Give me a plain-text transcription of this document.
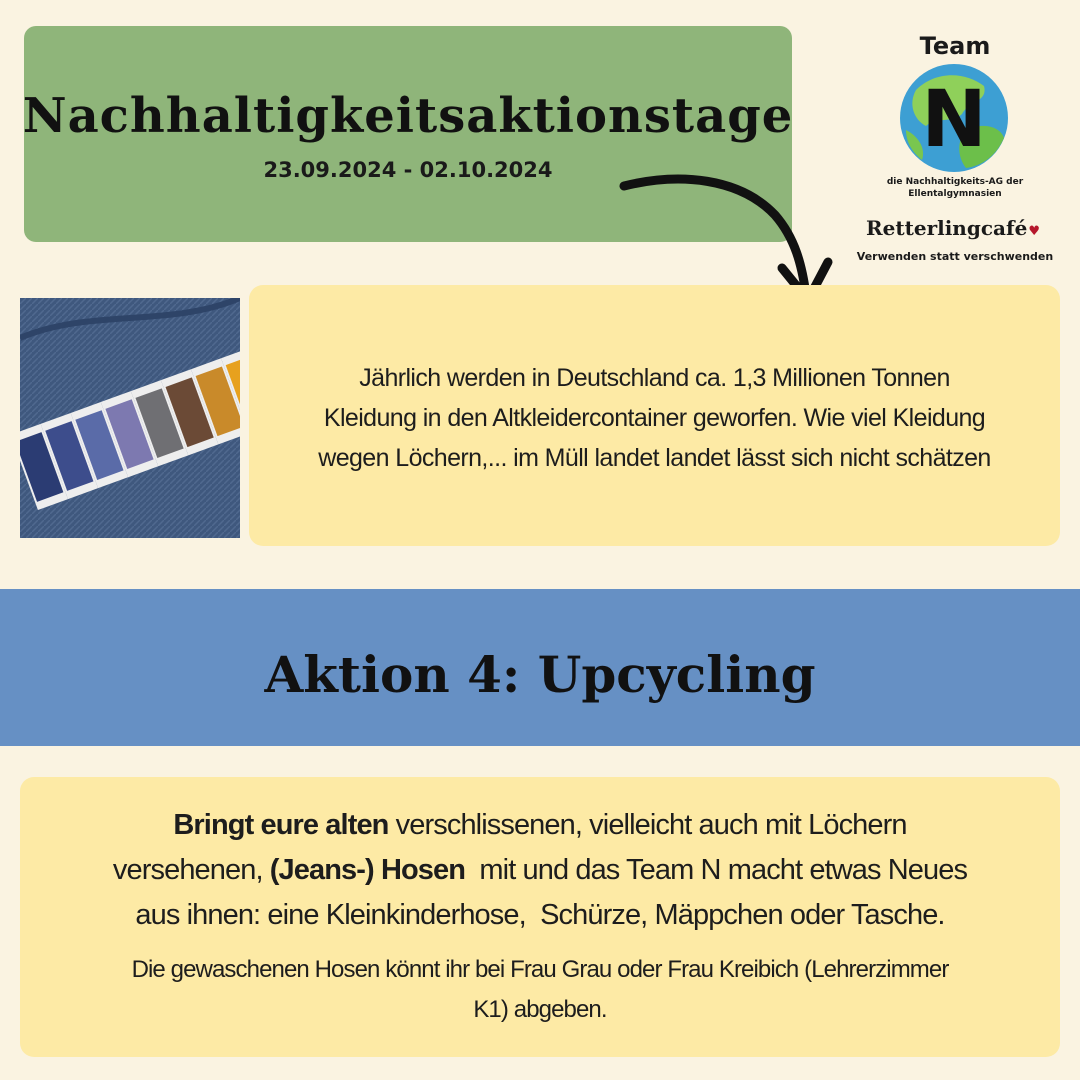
Nachhaltigkeitsaktionstage
23.09.2024 - 02.10.2024
Team
N
die Nachhaltigkeits-AG der
Ellentalgymnasien
Retterlingcafé♥
Verwenden statt verschwenden
Jährlich werden in Deutschland ca. 1,3 Millionen Tonnen
Kleidung in den Altkleidercontainer geworfen. Wie viel Kleidung
wegen Löchern,... im Müll landet landet lässt sich nicht schätzen
Aktion 4: Upcycling
Bringt eure alten verschlissenen, vielleicht auch mit Löchern
versehenen, (Jeans-) Hosen  mit und das Team N macht etwas Neues
aus ihnen: eine Kleinkinderhose,  Schürze, Mäppchen oder Tasche.
Die gewaschenen Hosen könnt ihr bei Frau Grau oder Frau Kreibich (Lehrerzimmer
K1) abgeben.
